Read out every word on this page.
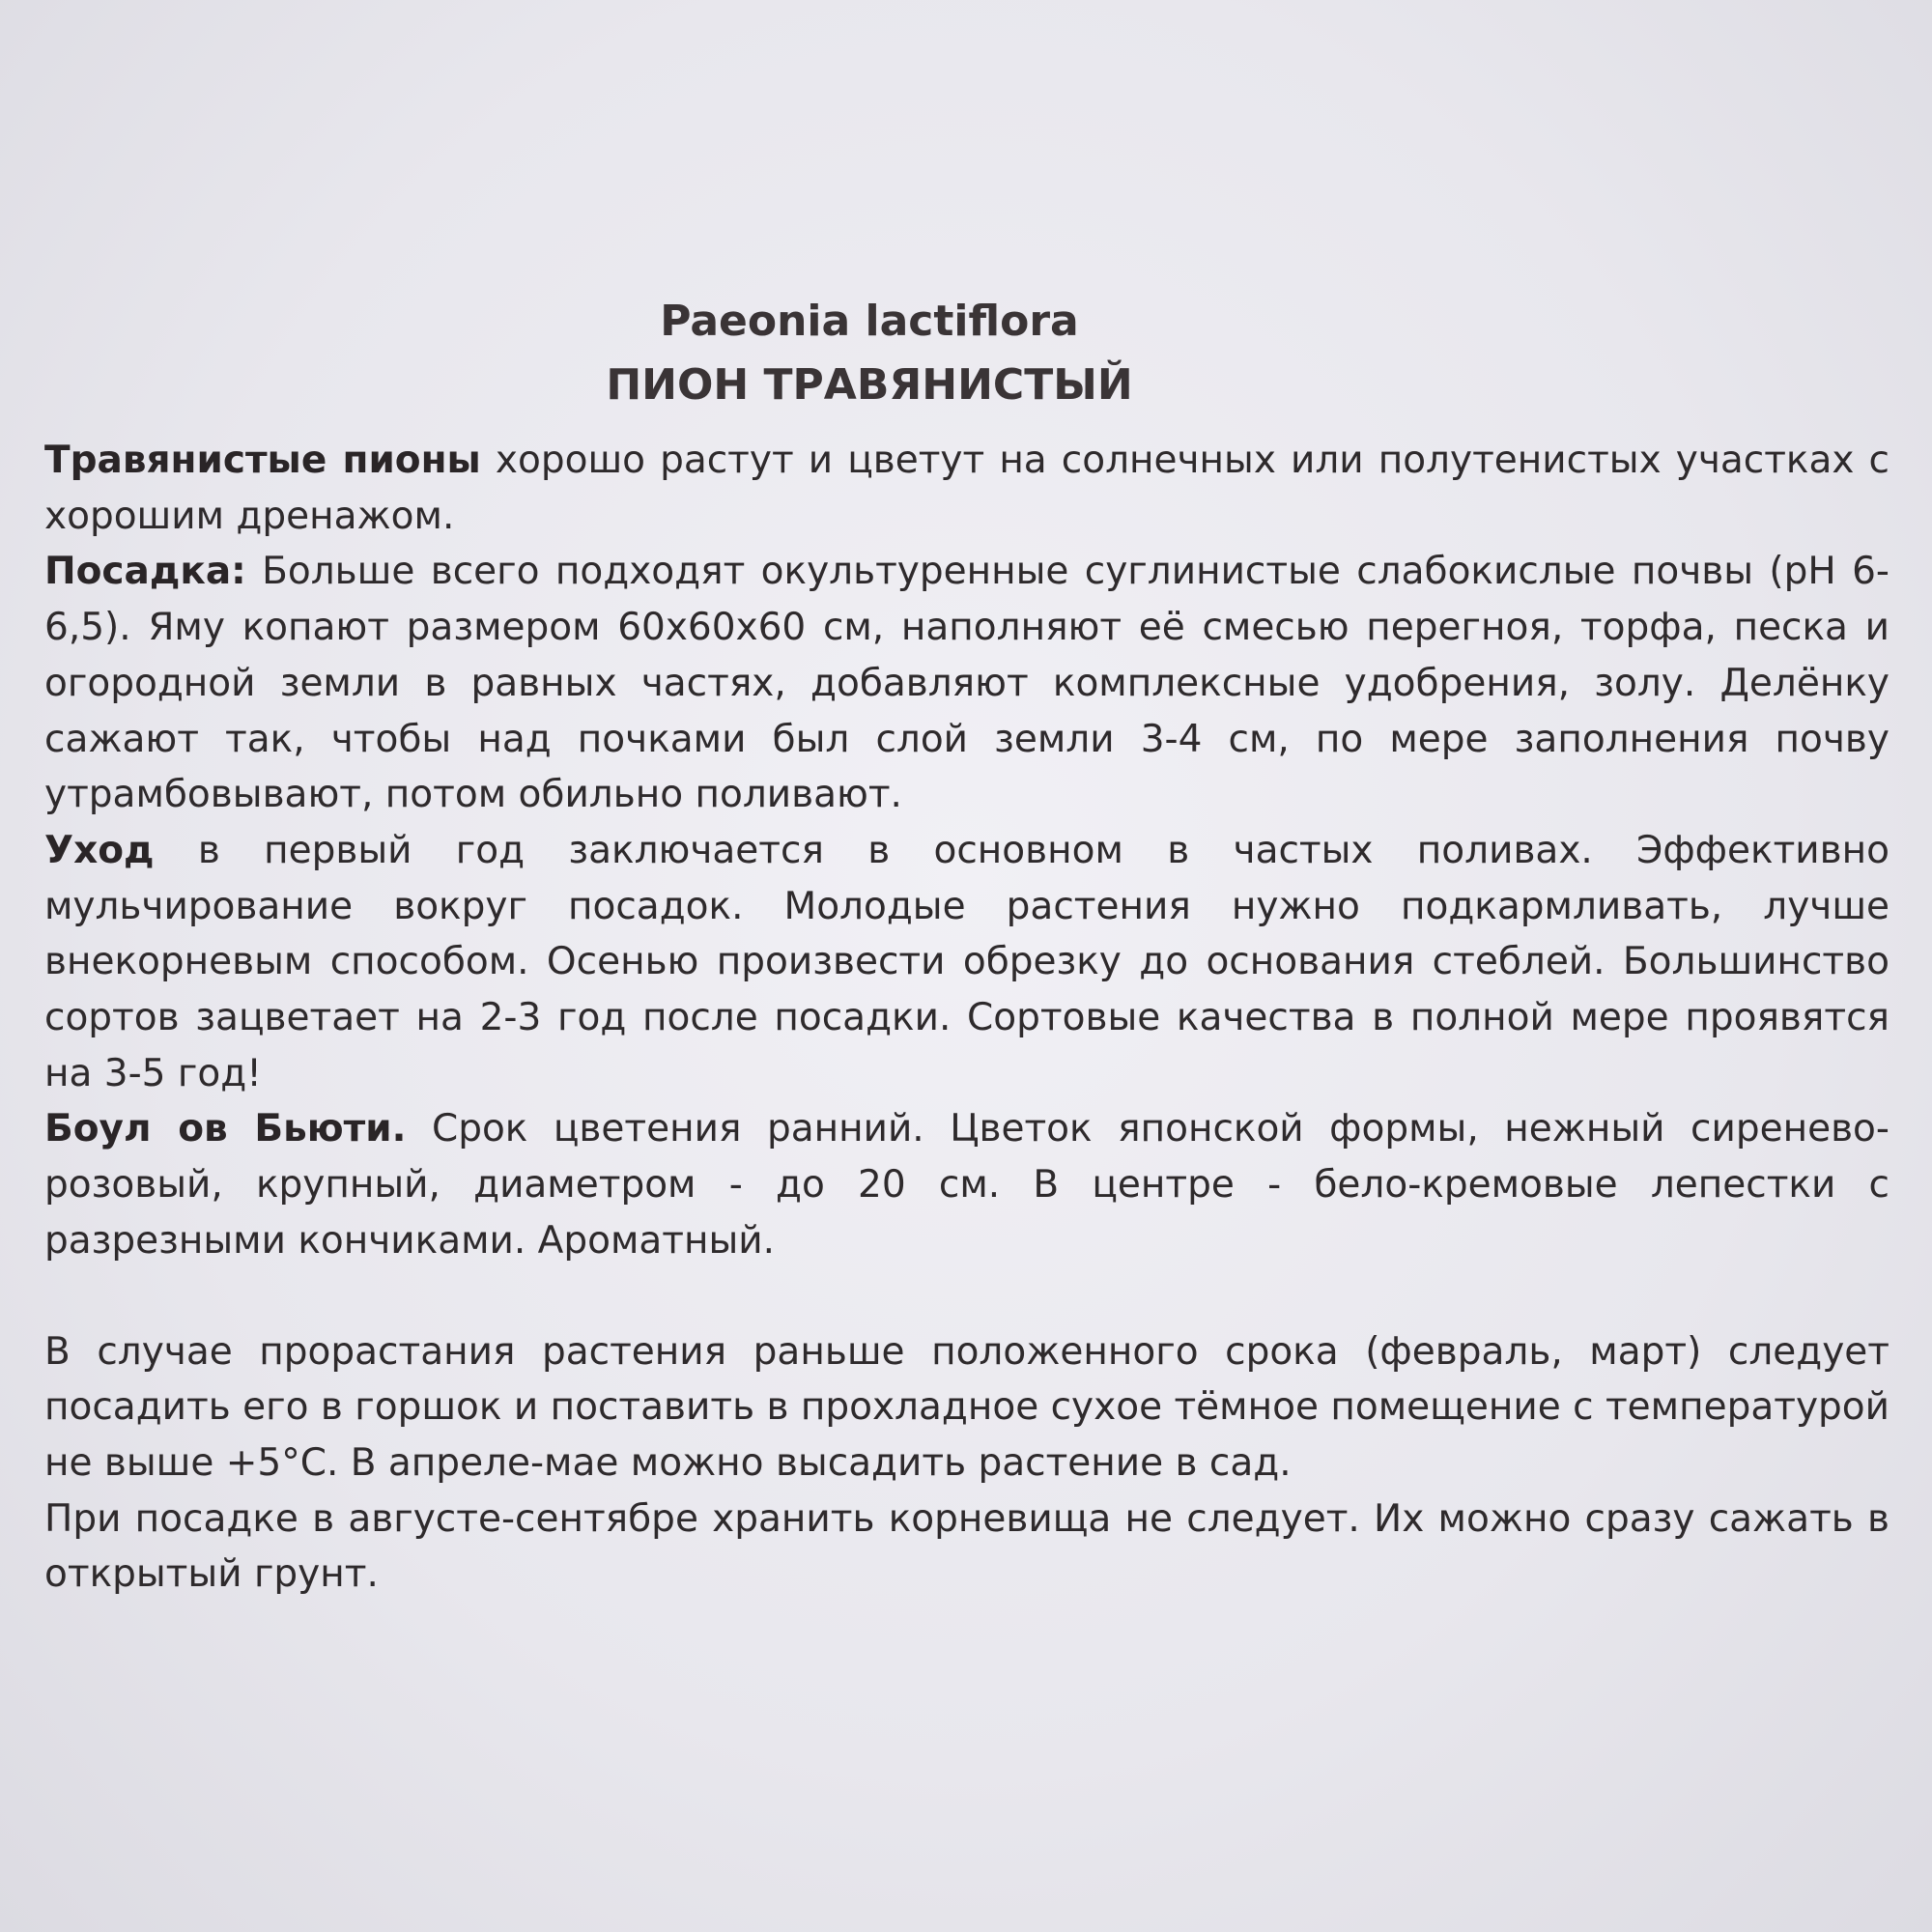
Paeonia lactiflora
ПИОН ТРАВЯНИСТЫЙ

Травянистые пионы хорошо растут и цветут на солнечных или полутенистых участках с хорошим дренажом.

Посадка: Больше всего подходят окультуренные суглинистые слабокислые почвы (pH 6-6,5). Яму копают размером 60х60х60 см, наполняют её смесью перегноя, торфа, песка и огородной земли в равных частях, добавляют комплексные удобрения, золу. Делёнку сажают так, чтобы над почками был слой земли 3-4 см, по мере заполнения почву утрамбовывают, потом обильно поливают.

Уход в первый год заключается в основном в частых поливах. Эффективно мульчирование вокруг посадок. Молодые растения нужно подкармливать, лучше внекорневым способом. Осенью произвести обрезку до основания стеблей. Большинство сортов зацветает на 2-3 год после посадки. Сортовые качества в полной мере проявятся на 3-5 год!

Боул ов Бьюти. Срок цветения ранний. Цветок японской формы, нежный сиренево-розовый, крупный, диаметром - до 20 см. В центре - бело-кремовые лепестки с разрезными кончиками. Ароматный.

В случае прорастания растения раньше положенного срока (февраль, март) следует посадить его в горшок и поставить в прохладное сухое тёмное помещение с температурой не выше +5°С. В апреле-мае можно высадить растение в сад.

При посадке в августе-сентябре хранить корневища не следует. Их можно сразу сажать в открытый грунт.
